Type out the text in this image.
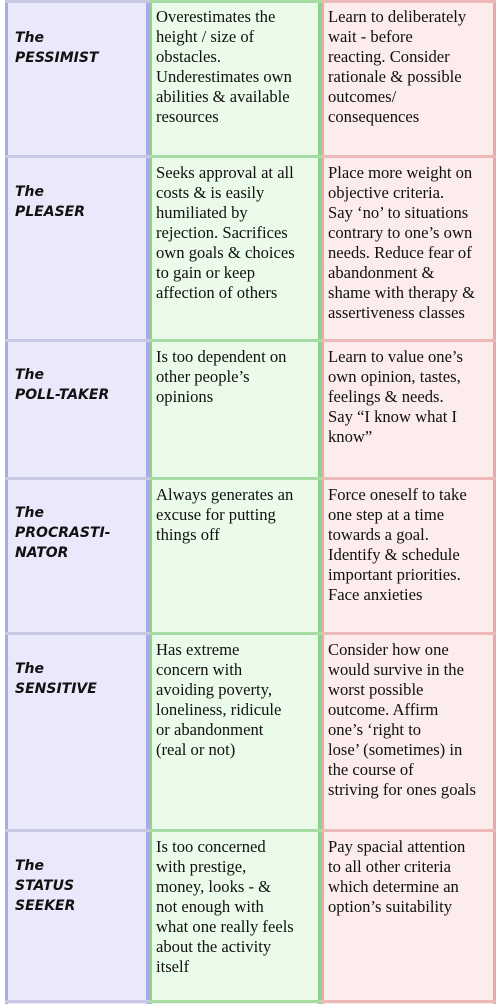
The
PESSIMIST

Overestimates the
height / size of
obstacles.
Underestimates own
abilities & available
resources

Learn to deliberately
wait - before
reacting. Consider
rationale & possible
outcomes/
consequences

The
PLEASER

Seeks approval at all
costs & is easily
humiliated by
rejection. Sacrifices
own goals & choices
to gain or keep
affection of others

Place more weight on
objective criteria.
Say ‘no’ to situations
contrary to one’s own
needs. Reduce fear of
abandonment &
shame with therapy &
assertiveness classes

The
POLL-TAKER

Is too dependent on
other people’s
opinions

Learn to value one’s
own opinion, tastes,
feelings & needs.
Say “I know what I
know”

The
PROCRASTI-
NATOR

Always generates an
excuse for putting
things off

Force oneself to take
one step at a time
towards a goal.
Identify & schedule
important priorities.
Face anxieties

The
SENSITIVE

Has extreme
concern with
avoiding poverty,
loneliness, ridicule
or abandonment
(real or not)

Consider how one
would survive in the
worst possible
outcome. Affirm
one’s ‘right to
lose’ (sometimes) in
the course of
striving for ones goals

The
STATUS
SEEKER

Is too concerned
with prestige,
money, looks - &
not enough with
what one really feels
about the activity
itself

Pay spacial attention
to all other criteria
which determine an
option’s suitability
